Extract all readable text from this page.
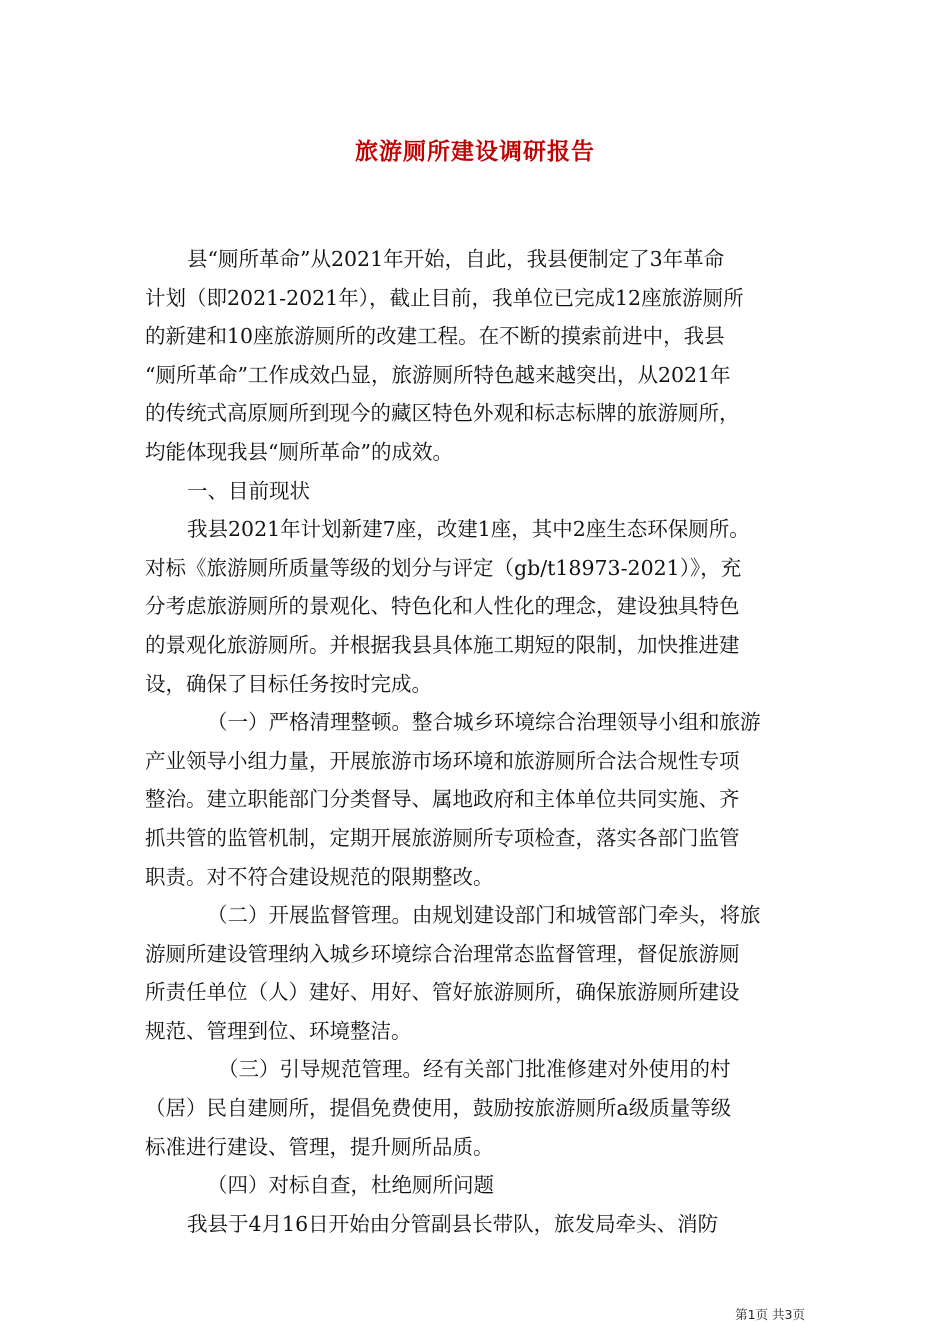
旅游厕所建设调研报告
县“厕所革命”从2021年开始，自此，我县便制定了3年革命
计划（即2021-2021年），截止目前，我单位已完成12座旅游厕所
的新建和10座旅游厕所的改建工程。在不断的摸索前进中，我县
“厕所革命”工作成效凸显，旅游厕所特色越来越突出，从2021年
的传统式高原厕所到现今的藏区特色外观和标志标牌的旅游厕所，
均能体现我县“厕所革命”的成效。
一、目前现状
我县2021年计划新建7座，改建1座，其中2座生态环保厕所。
对标《旅游厕所质量等级的划分与评定（gb/t18973-2021）》，充
分考虑旅游厕所的景观化、特色化和人性化的理念，建设独具特色
的景观化旅游厕所。并根据我县具体施工期短的限制，加快推进建
设，确保了目标任务按时完成。
（一）严格清理整顿。整合城乡环境综合治理领导小组和旅游
产业领导小组力量，开展旅游市场环境和旅游厕所合法合规性专项
整治。建立职能部门分类督导、属地政府和主体单位共同实施、齐
抓共管的监管机制，定期开展旅游厕所专项检查，落实各部门监管
职责。对不符合建设规范的限期整改。
（二）开展监督管理。由规划建设部门和城管部门牵头，将旅
游厕所建设管理纳入城乡环境综合治理常态监督管理，督促旅游厕
所责任单位（人）建好、用好、管好旅游厕所，确保旅游厕所建设
规范、管理到位、环境整洁。
（三）引导规范管理。经有关部门批准修建对外使用的村
（居）民自建厕所，提倡免费使用，鼓励按旅游厕所a级质量等级
标准进行建设、管理，提升厕所品质。
（四）对标自查，杜绝厕所问题
我县于4月16日开始由分管副县长带队，旅发局牵头、消防
第1页 共3页
